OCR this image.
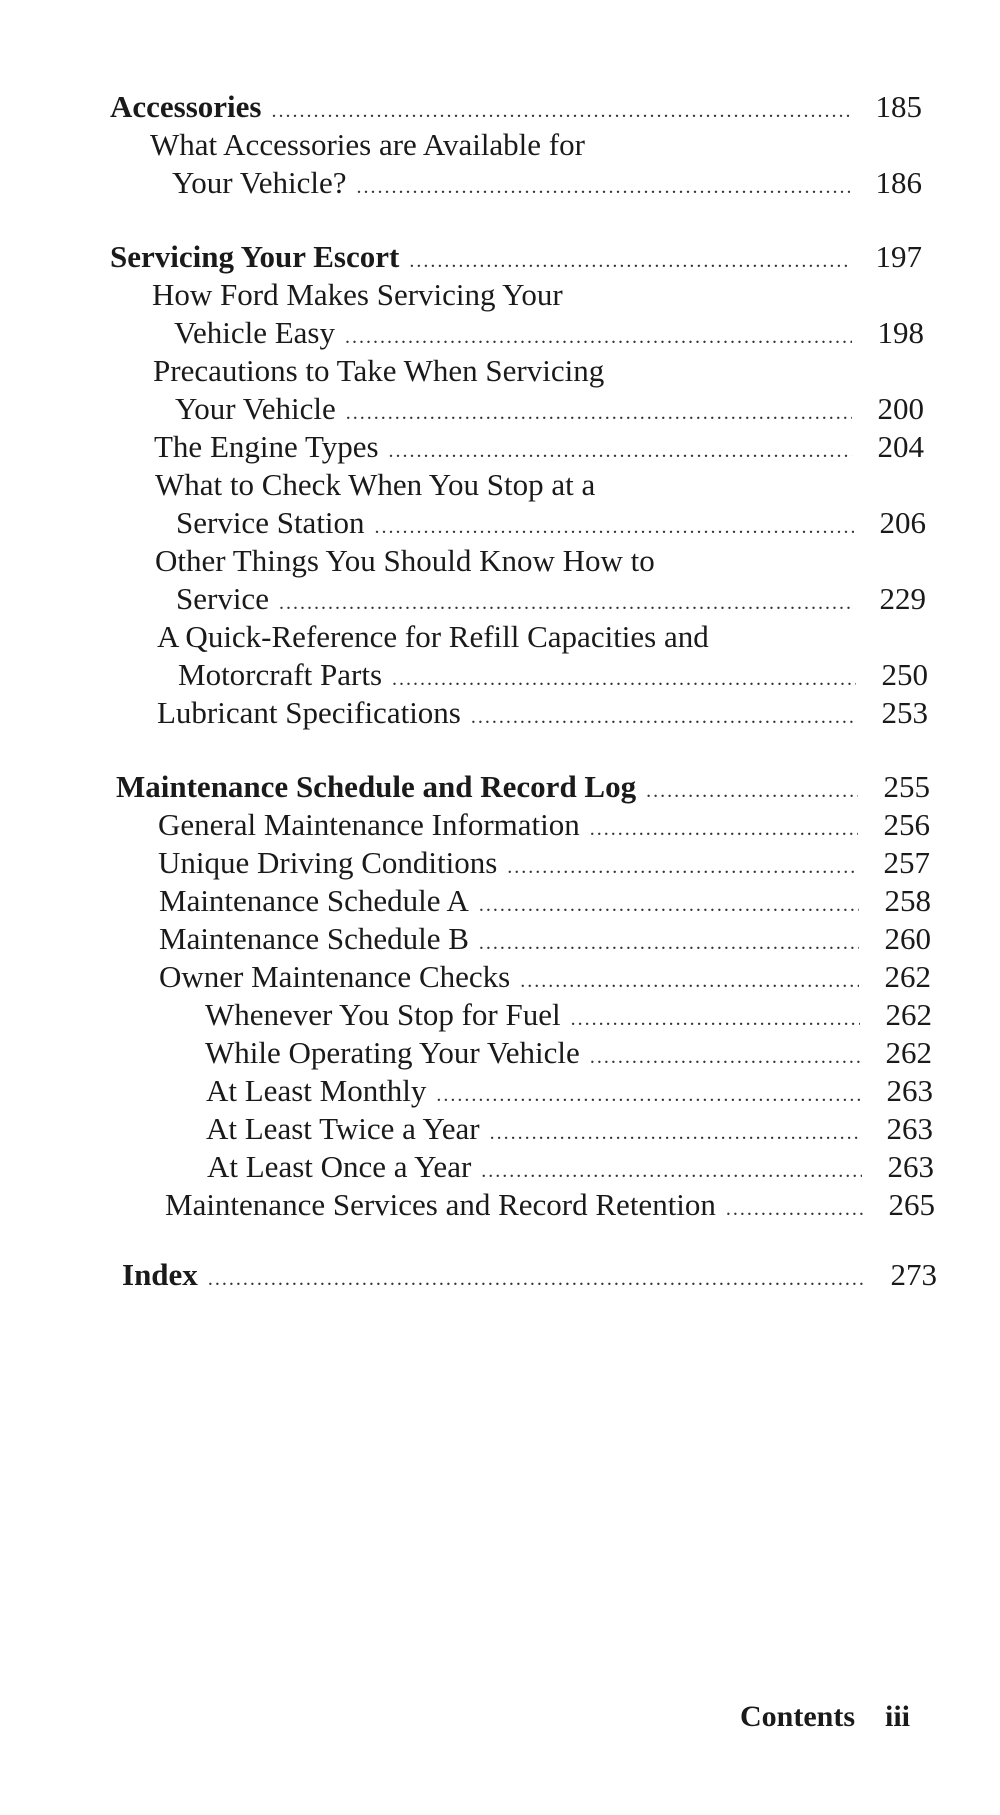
Accessories .....	185
What Accessories are Available for
Your Vehicle? .....	186
Servicing Your Escort .....	197
How Ford Makes Servicing Your
Vehicle Easy .....	198
Precautions to Take When Servicing
Your Vehicle .....	200
The Engine Types .....	204
What to Check When You Stop at a
Service Station .....	206
Other Things You Should Know How to
Service .....	229
A Quick-Reference for Refill Capacities and
Motorcraft Parts .....	250
Lubricant Specifications .....	253
Maintenance Schedule and Record Log .....	255
General Maintenance Information .....	256
Unique Driving Conditions .....	257
Maintenance Schedule A .....	258
Maintenance Schedule B .....	260
Owner Maintenance Checks .....	262
Whenever You Stop for Fuel .....	262
While Operating Your Vehicle .....	262
At Least Monthly .....	263
At Least Twice a Year .....	263
At Least Once a Year .....	263
Maintenance Services and Record Retention .....	265
Index .....	273
Contents iii
